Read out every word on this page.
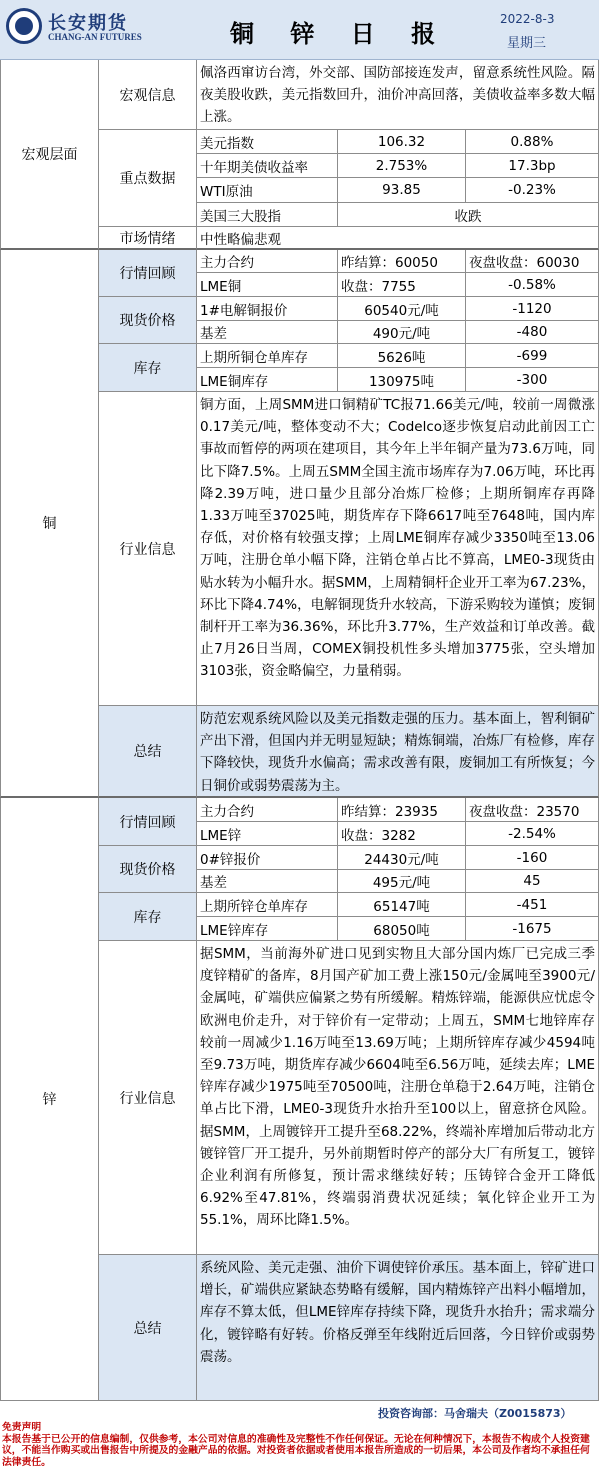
长安期货
CHANG-AN FUTURES	铜 锌 日 报
2022-8-3
星期三
宏观层面
宏观信息
佩洛西窜访台湾，外交部、国防部接连发声，留意系统性风险。隔夜美股收跌，美元指数回升，油价冲高回落，美债收益率多数大幅上涨。
重点数据
美元指数	106.32	0.88%
十年期美债收益率	2.753%	17.3bp
WTI原油	93.85	-0.23%
美国三大股指	收跌
市场情绪	中性略偏悲观
铜
行情回顾
主力合约	昨结算：60050	夜盘收盘：60030
LME铜	收盘：7755	-0.58%
现货价格
1#电解铜报价	60540元/吨	-1120
基差	490元/吨	-480
库存
上期所铜仓单库存	5626吨	-699
LME铜库存	130975吨	-300
行业信息
铜方面，上周SMM进口铜精矿TC报71.66美元/吨，较前一周微涨0.17美元/吨，整体变动不大；Codelco逐步恢复启动此前因工亡事故而暂停的两项在建项目，其今年上半年铜产量为73.6万吨，同比下降7.5%。上周五SMM全国主流市场库存为7.06万吨，环比再降2.39万吨，进口量少且部分冶炼厂检修；上期所铜库存再降1.33万吨至37025吨，期货库存下降6617吨至7648吨，国内库存低，对价格有较强支撑；上周LME铜库存减少3350吨至13.06万吨，注册仓单小幅下降，注销仓单占比不算高，LME0-3现货由贴水转为小幅升水。据SMM，上周精铜杆企业开工率为67.23%，环比下降4.74%，电解铜现货升水较高，下游采购较为谨慎；废铜制杆开工率为36.36%，环比升3.77%，生产效益和订单改善。截止7月26日当周，COMEX铜投机性多头增加3775张，空头增加3103张，资金略偏空，力量稍弱。
总结
防范宏观系统风险以及美元指数走强的压力。基本面上，智利铜矿产出下滑，但国内并无明显短缺；精炼铜端，冶炼厂有检修，库存下降较快，现货升水偏高；需求改善有限，废铜加工有所恢复；今日铜价或弱势震荡为主。
锌
行情回顾
主力合约	昨结算：23935	夜盘收盘：23570
LME锌	收盘：3282	-2.54%
现货价格
0#锌报价	24430元/吨	-160
基差	495元/吨	45
库存
上期所锌仓单库存	65147吨	-451
LME锌库存	68050吨	-1675
行业信息
据SMM，当前海外矿进口见到实物且大部分国内炼厂已完成三季度锌精矿的备库，8月国产矿加工费上涨150元/金属吨至3900元/金属吨，矿端供应偏紧之势有所缓解。精炼锌端，能源供应忧虑令欧洲电价走升，对于锌价有一定带动；上周五，SMM七地锌库存较前一周减少1.16万吨至13.69万吨；上期所锌库存减少4594吨至9.73万吨，期货库存减少6604吨至6.56万吨，延续去库；LME锌库存减少1975吨至70500吨，注册仓单稳于2.64万吨，注销仓单占比下滑，LME0-3现货升水抬升至100以上，留意挤仓风险。据SMM，上周镀锌开工提升至68.22%，终端补库增加后带动北方镀锌管厂开工提升，另外前期暂时停产的部分大厂有所复工，镀锌企业利润有所修复，预计需求继续好转；压铸锌合金开工降低6.92%至47.81%，终端弱消费状况延续；氧化锌企业开工为55.1%，周环比降1.5%。
总结
系统风险、美元走强、油价下调使锌价承压。基本面上，锌矿进口增长，矿端供应紧缺态势略有缓解，国内精炼锌产出料小幅增加，库存不算太低，但LME锌库存持续下降，现货升水抬升；需求端分化，镀锌略有好转。价格反弹至年线附近后回落，今日锌价或弱势震荡。
投资咨询部：马舍瑞夫（Z0015873）
免责声明
本报告基于已公开的信息编制，仅供参考，本公司对信息的准确性及完整性不作任何保证。无论在何种情况下，本报告不构成个人投资建议，不能当作购买或出售报告中所提及的金融产品的依据。对投资者依据或者使用本报告所造成的一切后果，本公司及作者均不承担任何法律责任。
